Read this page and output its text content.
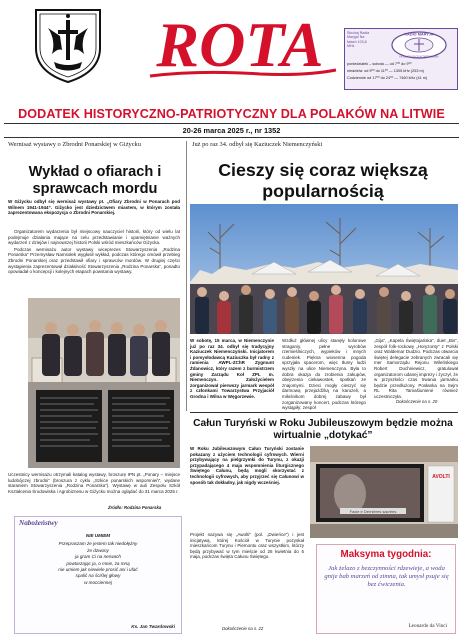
ROTA	Słuchaj Radia Maryja! Na falach 103,8 MHz
RADIO MARYJA
KATOLICKI GŁOS W TWOIM DOMU
poniedziałek – sobota — od 7⁰⁰ do 9⁰⁰
niedziela: od 9⁰⁰ do 11⁰⁰ — 1305 kHz (253 m)
Codziennie od 17⁰⁰ do 24⁰⁰ — 7460 kHz (41 m)
DODATEK HISTORYCZNO-PATRIOTYCZNY DLA POLAKÓW NA LITWIE
20-26 marca 2025 r., nr 1352
Wernisaż wystawy o Zbrodni Ponarskiej w Giżycku
Wykład o ofiarach i sprawcach mordu
W Giżycku odbył się wernisaż wystawy pt. „Ofiary Zbrodni w Ponarach pod Wilnem 1941-1944”. Giżycko jest dziedzictwem miastem, w którym została zaprezentowana ekspozycja o Zbrodni Ponarskiej.

Organizatorem wydarzenia był miejscowy nauczyciel historii, który od wielu lat podejmuje działania mające na celu przedstawianie i upamiętnianie ważnych wydarzeń z dziejów i najnowszej historii Polski wśród mieszkańców Giżycka.

Podczas wernisażu autor wystawy wiceprezes Stowarzyszenia „Rodzina Ponarska” Przemysław Namsołek wygłosił wykład, podczas którego omówił przebieg Zbrodni Ponarskiej oraz przedstawił ofiary i sprawców mordów. W drugiej części wystąpienia zaprezentował działalność Stowarzyszenia „Rodzina Ponarska”, ponadto opowiadał o koncepcji i kolejnych etapach powstania wystawy.

Uczestnicy wernisażu otrzymali katalog wystawy, broszurę IPN pt. „Ponary – miejsce ludobójczej zbrodni” (broszura z cyklu „Szkice ponarskich wspomnień”, wydane staraniem Stowarzyszenia „Rodzina Ponarska”). Wystawę w auli Zespołu Szkół Kształcenia Środowiska i Agrobiznesu w Giżycku można oglądać do 31 marca 2025 r.
Źródło: Rodzina Ponarska
Nabożeństwy
NIE UMIEM
Przepraszam że jestem tak niedołężny
że dzwony
ja gram Ci na nerwach
powtarzając ja, o mnie, za mną
nie umiem jak niewiele prosić ani i ufać
spalić na ściślej głowy
w mocciennej
Ks. Jan Twardowski
Już po raz 34. odbył się Kaziuczek Niemenczyński
Cieszy się coraz większą popularnością
W sobotę, 15 marca, w Niemenczynie już po raz 34. odbył się tradycyjny Kaziuczek Niemenczyński. Inicjatorem i pomysłodawcą Kaziuczka był radny z ramienia AWPL-ZChR Zygmunt Żdanowicz, który razem z burmistrzem gminy Zarządu Koł ZPL m. Niemenczyn. Założycielem zorganizował pierwszy jarmark wespół z członkami Towarzystwa Przyjaciół Grodna i Wilna w Węgorzewie.
Wzdłuż głównej ulicy stanęły kolorowe straganiy, pełne wyrobów rzemieślniczych, wypieków i innych cudeniek. Piękna wiosenna pogoda sprzyjała spacerom, więc tłumy ludzi wyszły na ulice Niemenczyna. Była to dobra okazja do zrobienia zakupów, obejrzenia ciekawostek, spotkań ze znajomymi. Dzieci mogły cieszyć się darmową przejażdżką na karuzeli, a miłośnikom dobrej zabawy był zorganizowany koncert, podczas którego wystąpiły: zespół
„Gija”, „Kapela Świętojańska”, duet „Bis”, zespół folk-rockowy „Horyzonty” z Polski oraz Waldemar Dudzio. Podczas otwarcia świętej delegacie zebranych zwracali się mer Samorządu Rejonu Wileńskiego Robert Duchniewicz, gratulował organizatorom udanej imprezy i życzył, że w przyszłości czas trwania jarmarku będzie przedłużony. Posłanka na Sejm RL Rita Tamašiunienė również uczestniczyła.
Dokończenie na s. 20
Całun Turyński w Roku Jubileuszowym będzie można wirtualnie „dotykać”
W Roku Jubileuszowym Całun Turyński zostanie pokazany z użyciem technologii cyfrowych. Wierni przybywający na pielgrzymki do Turynu, z okazji przypadającego 4 maja wspomnienia liturgicznego Świętego Całunu, będą mogli skorzystać z technologii cyfrowych, aby przyjrzeć się Całunowi w sposób tak dokładny, jak nigdy wcześniej.
Projekt nazywa się „Awolti” (pol. „Dwieńce”) i jest inicjatywą, której Kościół w Turynie pozyskał mieszkańcom Turynu i Piemontu oraz wszystkim, którzy będą przybywać w tym mieście od 26 kwietnia do 5 maja, podczas święta Całunu Świętego.
Dokończenie na s. 22
Facie e Dernières sacrées
AVOLTI
Maksyma tygodnia:
Jak żelazo z bezczynności rdzewieje, a woda gnije bab marzeń od zimna, tak umysł psuje się bez ćwiczenia.
Leonardo da Vinci
